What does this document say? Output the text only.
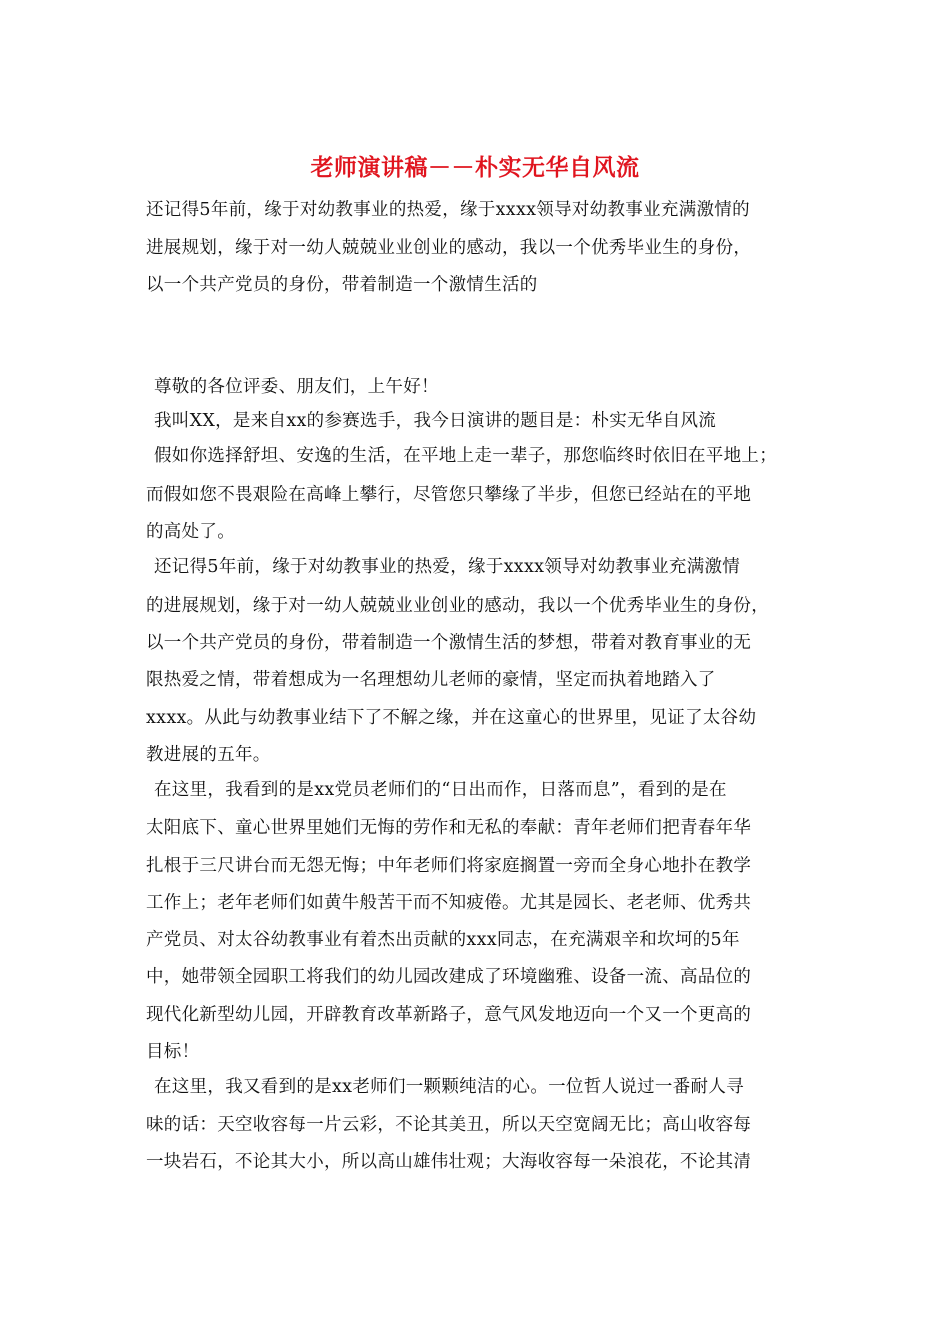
老师演讲稿－－朴实无华自风流
还记得5年前，缘于对幼教事业的热爱，缘于xxxx领导对幼教事业充满激情的
进展规划，缘于对一幼人兢兢业业创业的感动，我以一个优秀毕业生的身份，
以一个共产党员的身份，带着制造一个激情生活的
尊敬的各位评委、朋友们，上午好！
我叫XX，是来自xx的参赛选手，我今日演讲的题目是：朴实无华自风流
假如你选择舒坦、安逸的生活，在平地上走一辈子，那您临终时依旧在平地上；
而假如您不畏艰险在高峰上攀行，尽管您只攀缘了半步，但您已经站在的平地
的高处了。
还记得5年前，缘于对幼教事业的热爱，缘于xxxx领导对幼教事业充满激情
的进展规划，缘于对一幼人兢兢业业创业的感动，我以一个优秀毕业生的身份，
以一个共产党员的身份，带着制造一个激情生活的梦想，带着对教育事业的无
限热爱之情，带着想成为一名理想幼儿老师的豪情，坚定而执着地踏入了
xxxx。从此与幼教事业结下了不解之缘，并在这童心的世界里，见证了太谷幼
教进展的五年。
在这里，我看到的是xx党员老师们的“日出而作，日落而息”，看到的是在
太阳底下、童心世界里她们无悔的劳作和无私的奉献：青年老师们把青春年华
扎根于三尺讲台而无怨无悔；中年老师们将家庭搁置一旁而全身心地扑在教学
工作上；老年老师们如黄牛般苦干而不知疲倦。尤其是园长、老老师、优秀共
产党员、对太谷幼教事业有着杰出贡献的xxx同志，在充满艰辛和坎坷的5年
中，她带领全园职工将我们的幼儿园改建成了环境幽雅、设备一流、高品位的
现代化新型幼儿园，开辟教育改革新路子，意气风发地迈向一个又一个更高的
目标！
在这里，我又看到的是xx老师们一颗颗纯洁的心。一位哲人说过一番耐人寻
味的话：天空收容每一片云彩，不论其美丑，所以天空宽阔无比；高山收容每
一块岩石，不论其大小，所以高山雄伟壮观；大海收容每一朵浪花，不论其清
